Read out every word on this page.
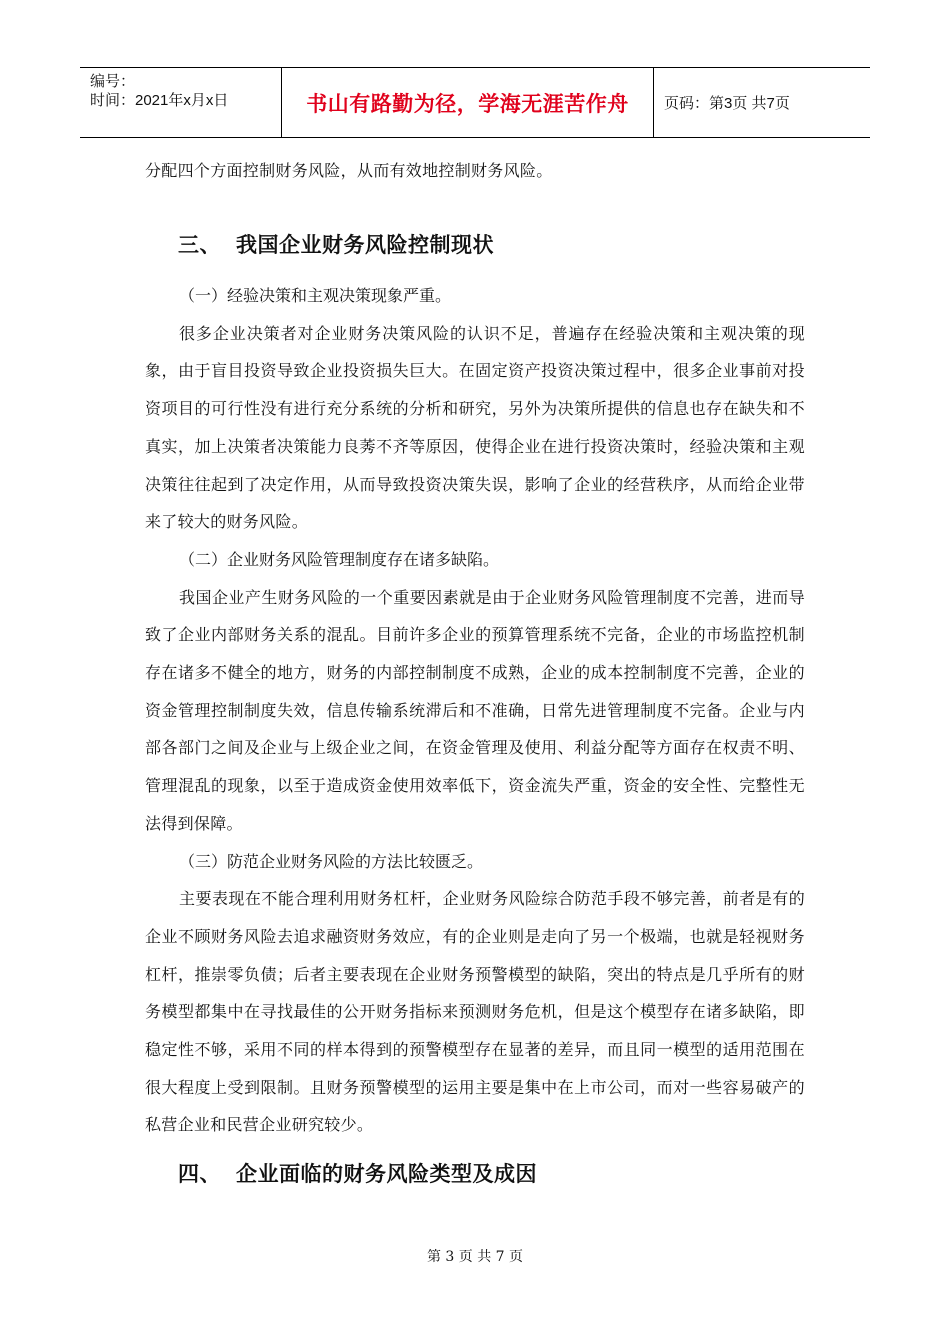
编号：
时间：2021年x月x日	书山有路勤为径，学海无涯苦作舟	页码：第3页 共7页

分配四个方面控制财务风险，从而有效地控制财务风险。

三、 我国企业财务风险控制现状

（一）经验决策和主观决策现象严重。

很多企业决策者对企业财务决策风险的认识不足，普遍存在经验决策和主观决策的现象，由于盲目投资导致企业投资损失巨大。在固定资产投资决策过程中，很多企业事前对投资项目的可行性没有进行充分系统的分析和研究，另外为决策所提供的信息也存在缺失和不真实，加上决策者决策能力良莠不齐等原因，使得企业在进行投资决策时，经验决策和主观决策往往起到了决定作用，从而导致投资决策失误，影响了企业的经营秩序，从而给企业带来了较大的财务风险。

（二）企业财务风险管理制度存在诸多缺陷。

我国企业产生财务风险的一个重要因素就是由于企业财务风险管理制度不完善，进而导致了企业内部财务关系的混乱。目前许多企业的预算管理系统不完备，企业的市场监控机制存在诸多不健全的地方，财务的内部控制制度不成熟，企业的成本控制制度不完善，企业的资金管理控制制度失效，信息传输系统滞后和不准确，日常先进管理制度不完备。企业与内部各部门之间及企业与上级企业之间，在资金管理及使用、利益分配等方面存在权责不明、管理混乱的现象，以至于造成资金使用效率低下，资金流失严重，资金的安全性、完整性无法得到保障。

（三）防范企业财务风险的方法比较匮乏。

主要表现在不能合理利用财务杠杆，企业财务风险综合防范手段不够完善，前者是有的企业不顾财务风险去追求融资财务效应，有的企业则是走向了另一个极端，也就是轻视财务杠杆，推崇零负债；后者主要表现在企业财务预警模型的缺陷，突出的特点是几乎所有的财务模型都集中在寻找最佳的公开财务指标来预测财务危机，但是这个模型存在诸多缺陷，即稳定性不够，采用不同的样本得到的预警模型存在显著的差异，而且同一模型的适用范围在很大程度上受到限制。且财务预警模型的运用主要是集中在上市公司，而对一些容易破产的私营企业和民营企业研究较少。

四、 企业面临的财务风险类型及成因
第 3 页 共 7 页
